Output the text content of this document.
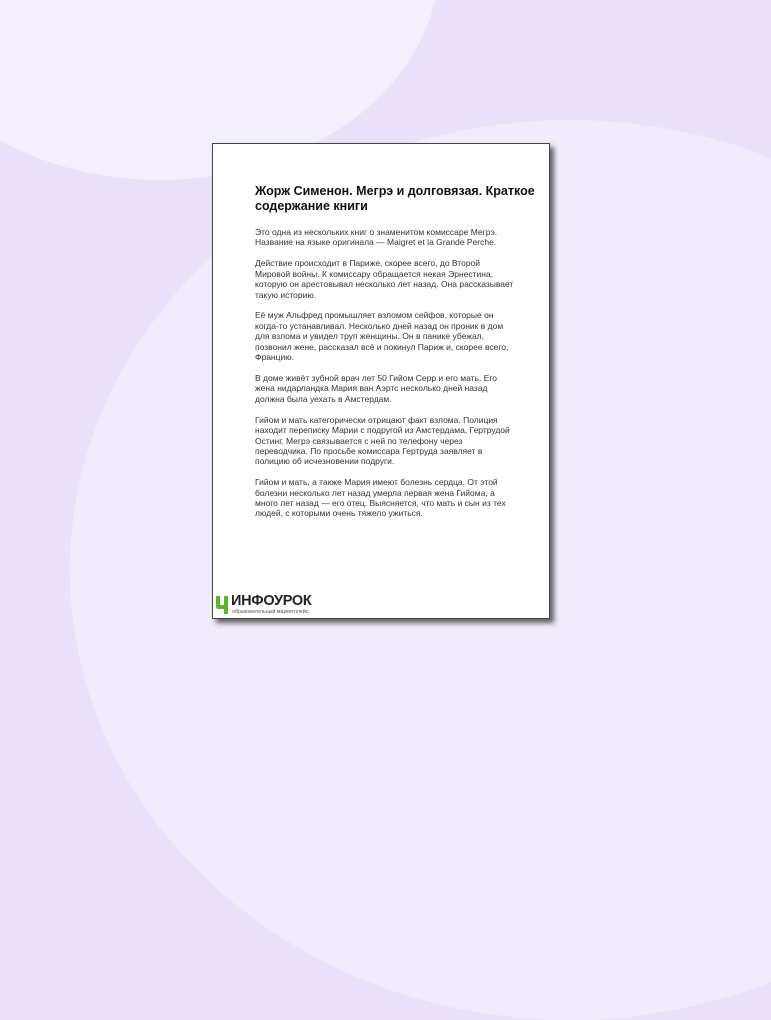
Жорж Сименон. Мегрэ и долговязая. Краткое содержание книги

Это одна из нескольких книг о знаменитом комиссаре Мегрэ. Название на языке оригинала — Maigret et la Grande Perche.

Действие происходит в Париже, скорее всего, до Второй Мировой войны. К комиссару обращается некая Эрнестина, которую он арестовывал несколько лет назад. Она рассказывает такую историю.

Её муж Альфред промышляет взломом сейфов, которые он когда-то устанавливал. Несколько дней назад он проник в дом для взлома и увидел труп женщины. Он в панике убежал, позвонил жене, рассказал всё и покинул Париж и, скорее всего, Францию.

В доме живёт зубной врач лет 50 Гийом Серр и его мать. Его жена нидарландка Мария ван Аэртс несколько дней назад должна была уехать в Амстердам.

Гийом и мать категорически отрицают факт взлома. Полиция находит переписку Марии с подругой из Амстердама, Гертрудой Остинг. Мегрэ связывается с ней по телефону через переводчика. По просьбе комиссара Гертруда заявляет в полицию об исчезновении подруги.

Гийом и мать, а также Мария имеют болезнь сердца. От этой болезни несколько лет назад умерла первая жена Гийома, а много лет назад — его отец. Выясняется, что мать и сын из тех людей, с которыми очень тяжело ужиться.

ИНФОУРОК
образовательный маркетплейс
